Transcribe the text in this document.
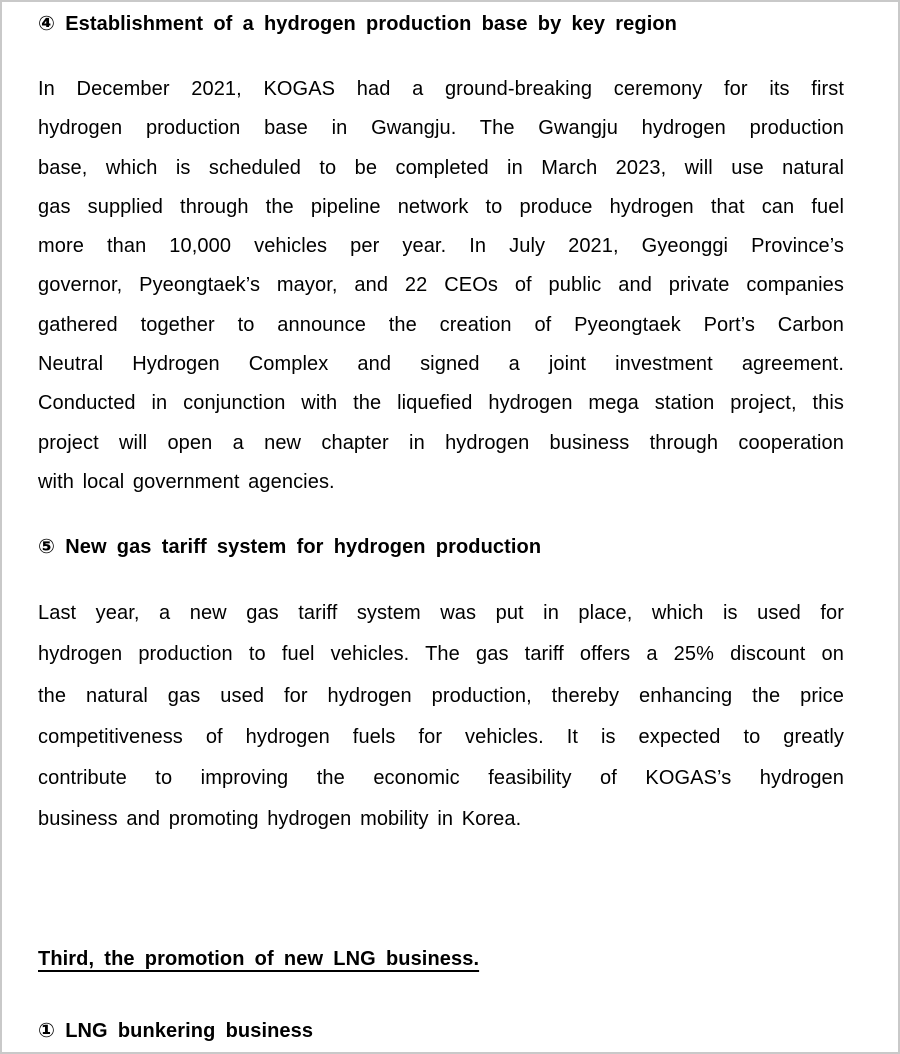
④ Establishment of a hydrogen production base by key region
In December 2021, KOGAS had a ground-breaking ceremony for its first
hydrogen production base in Gwangju. The Gwangju hydrogen production
base, which is scheduled to be completed in March 2023, will use natural
gas supplied through the pipeline network to produce hydrogen that can fuel
more than 10,000 vehicles per year. In July 2021, Gyeonggi Province’s
governor, Pyeongtaek’s mayor, and 22 CEOs of public and private companies
gathered together to announce the creation of Pyeongtaek Port’s Carbon
Neutral Hydrogen Complex and signed a joint investment agreement.
Conducted in conjunction with the liquefied hydrogen mega station project, this
project will open a new chapter in hydrogen business through cooperation
with local government agencies.
⑤ New gas tariff system for hydrogen production
Last year, a new gas tariff system was put in place, which is used for
hydrogen production to fuel vehicles. The gas tariff offers a 25% discount on
the natural gas used for hydrogen production, thereby enhancing the price
competitiveness of hydrogen fuels for vehicles. It is expected to greatly
contribute to improving the economic feasibility of KOGAS’s hydrogen
business and promoting hydrogen mobility in Korea.
Third, the promotion of new LNG business.
① LNG bunkering business
